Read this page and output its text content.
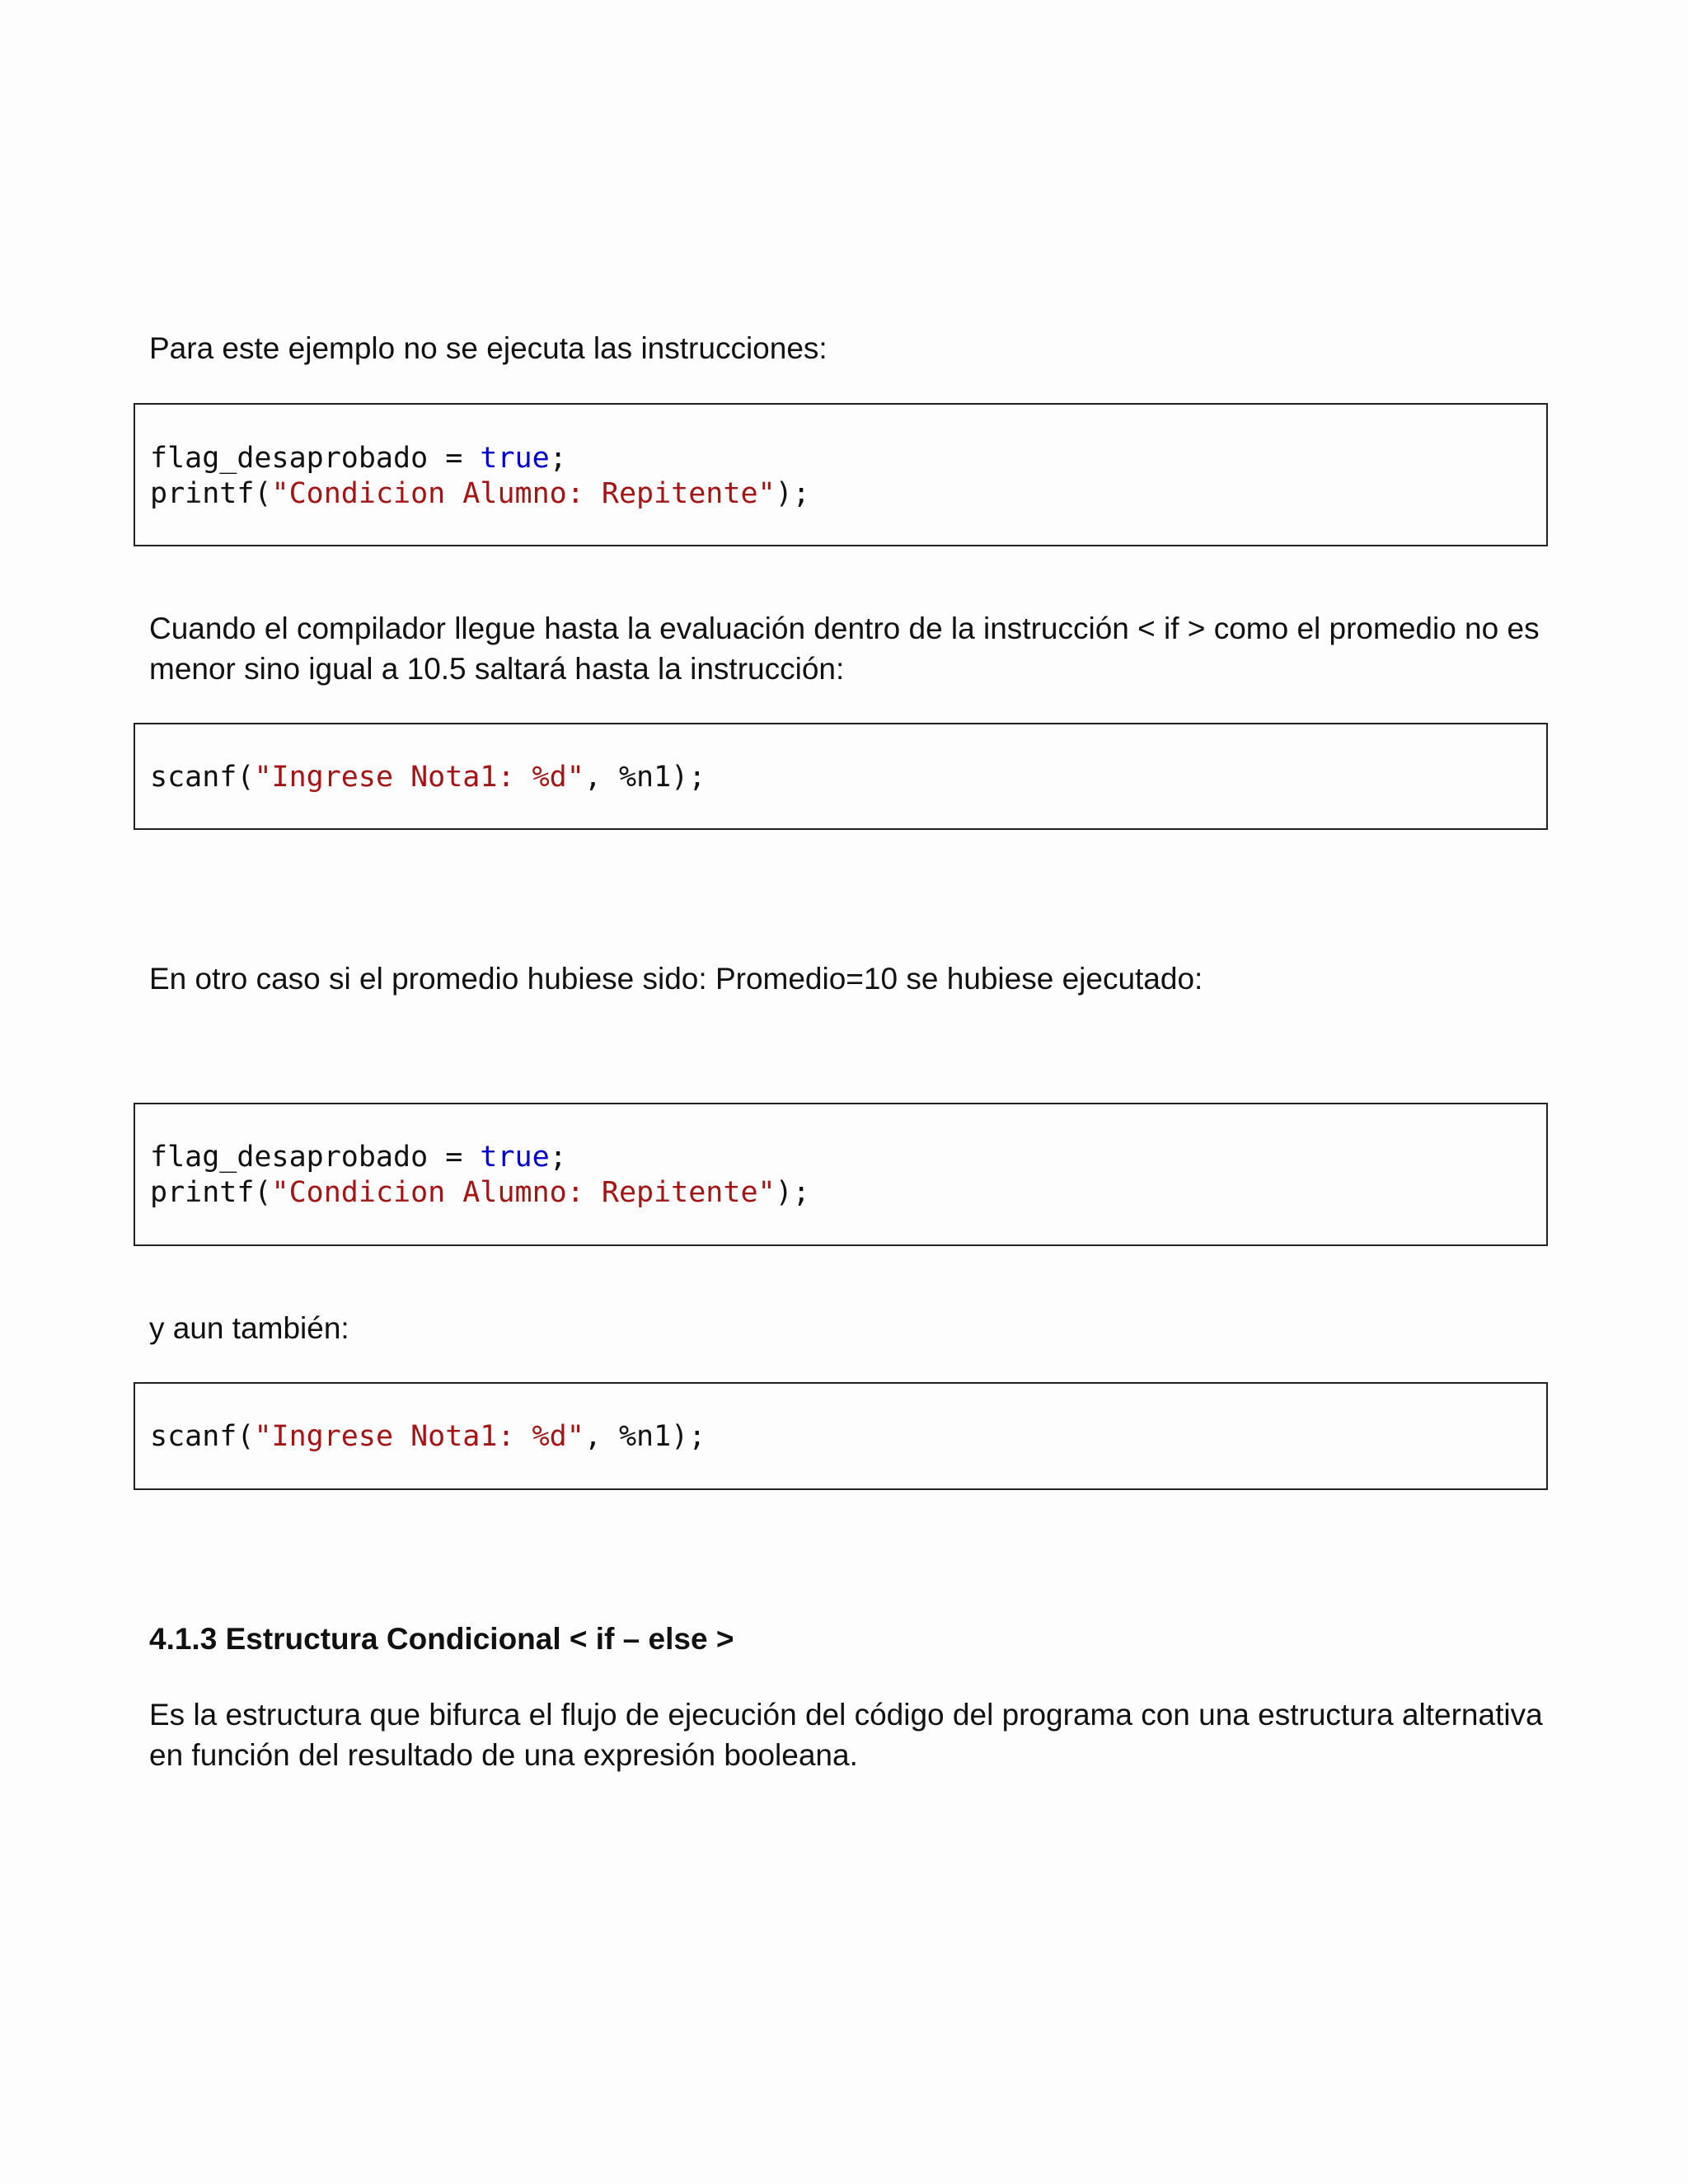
Para este ejemplo no se ejecuta las instrucciones:

flag_desaprobado = true;
printf("Condicion Alumno: Repitente");

Cuando el compilador llegue hasta la evaluación dentro de la instrucción < if > como el promedio no es

menor sino igual a 10.5 saltará hasta la instrucción:

scanf("Ingrese Nota1: %d", %n1);

En otro caso si el promedio hubiese sido: Promedio=10 se hubiese ejecutado:

flag_desaprobado = true;
printf("Condicion Alumno: Repitente");

y aun también:

scanf("Ingrese Nota1: %d", %n1);

4.1.3 Estructura Condicional < if – else >

Es la estructura que bifurca el flujo de ejecución del código del programa con una estructura alternativa

en función del resultado de una expresión booleana.
